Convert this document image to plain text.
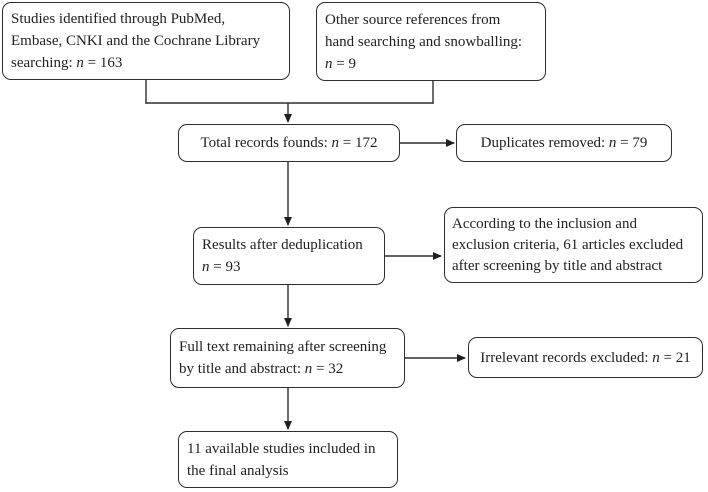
Studies identified through PubMed,
Embase, CNKI and the Cochrane Library
searching: n = 163
Other source references from
hand searching and snowballing:
n = 9
Total records founds: n = 172	Duplicates removed: n = 79
Results after deduplication
n = 93
According to the inclusion and
exclusion criteria, 61 articles excluded
after screening by title and abstract
Full text remaining after screening
by title and abstract: n = 32
Irrelevant records excluded: n = 21
11 available studies included in
the final analysis
